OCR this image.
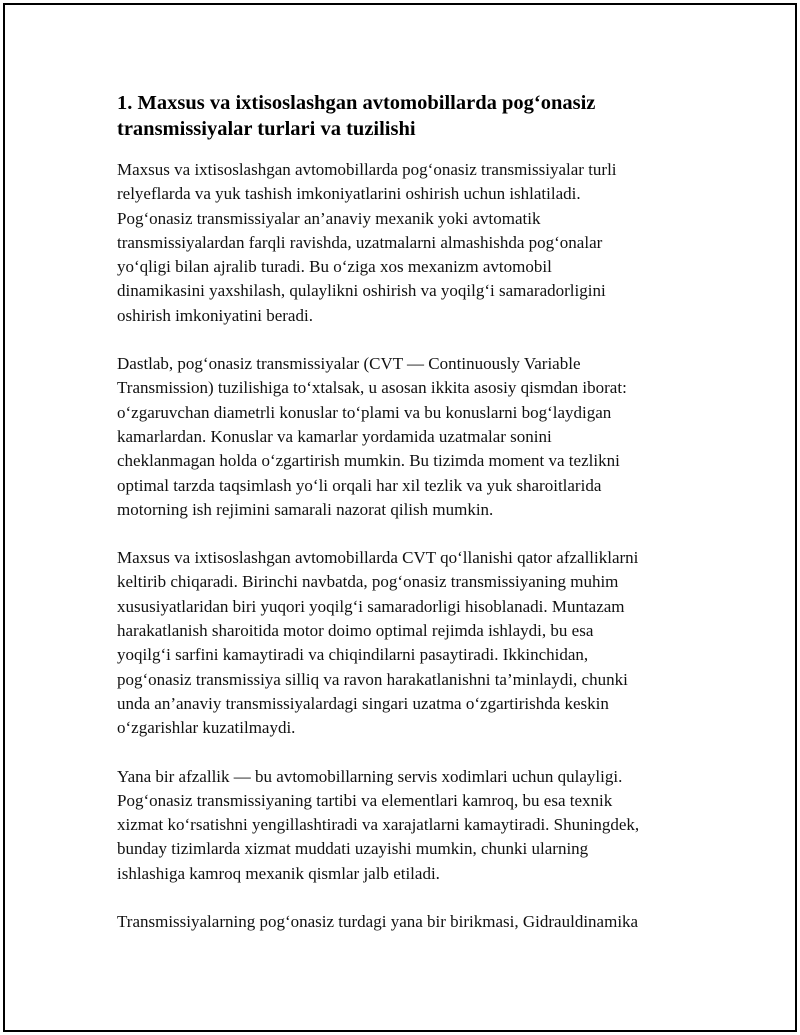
1. Maxsus va ixtisoslashgan avtomobillarda pog‘onasiz
transmissiyalar turlari va tuzilishi
Maxsus va ixtisoslashgan avtomobillarda pog‘onasiz transmissiyalar turli
relyeflarda va yuk tashish imkoniyatlarini oshirish uchun ishlatiladi.
Pog‘onasiz transmissiyalar an’anaviy mexanik yoki avtomatik
transmissiyalardan farqli ravishda, uzatmalarni almashishda pog‘onalar
yo‘qligi bilan ajralib turadi. Bu o‘ziga xos mexanizm avtomobil
dinamikasini yaxshilash, qulaylikni oshirish va yoqilg‘i samaradorligini
oshirish imkoniyatini beradi.
Dastlab, pog‘onasiz transmissiyalar (CVT — Continuously Variable
Transmission) tuzilishiga to‘xtalsak, u asosan ikkita asosiy qismdan iborat:
o‘zgaruvchan diametrli konuslar to‘plami va bu konuslarni bog‘laydigan
kamarlardan. Konuslar va kamarlar yordamida uzatmalar sonini
cheklanmagan holda o‘zgartirish mumkin. Bu tizimda moment va tezlikni
optimal tarzda taqsimlash yo‘li orqali har xil tezlik va yuk sharoitlarida
motorning ish rejimini samarali nazorat qilish mumkin.
Maxsus va ixtisoslashgan avtomobillarda CVT qo‘llanishi qator afzalliklarni
keltirib chiqaradi. Birinchi navbatda, pog‘onasiz transmissiyaning muhim
xususiyatlaridan biri yuqori yoqilg‘i samaradorligi hisoblanadi. Muntazam
harakatlanish sharoitida motor doimo optimal rejimda ishlaydi, bu esa
yoqilg‘i sarfini kamaytiradi va chiqindilarni pasaytiradi. Ikkinchidan,
pog‘onasiz transmissiya silliq va ravon harakatlanishni ta’minlaydi, chunki
unda an’anaviy transmissiyalardagi singari uzatma o‘zgartirishda keskin
o‘zgarishlar kuzatilmaydi.
Yana bir afzallik — bu avtomobillarning servis xodimlari uchun qulayligi.
Pog‘onasiz transmissiyaning tartibi va elementlari kamroq, bu esa texnik
xizmat ko‘rsatishni yengillashtiradi va xarajatlarni kamaytiradi. Shuningdek,
bunday tizimlarda xizmat muddati uzayishi mumkin, chunki ularning
ishlashiga kamroq mexanik qismlar jalb etiladi.
Transmissiyalarning pog‘onasiz turdagi yana bir birikmasi, Gidrauldinamika
